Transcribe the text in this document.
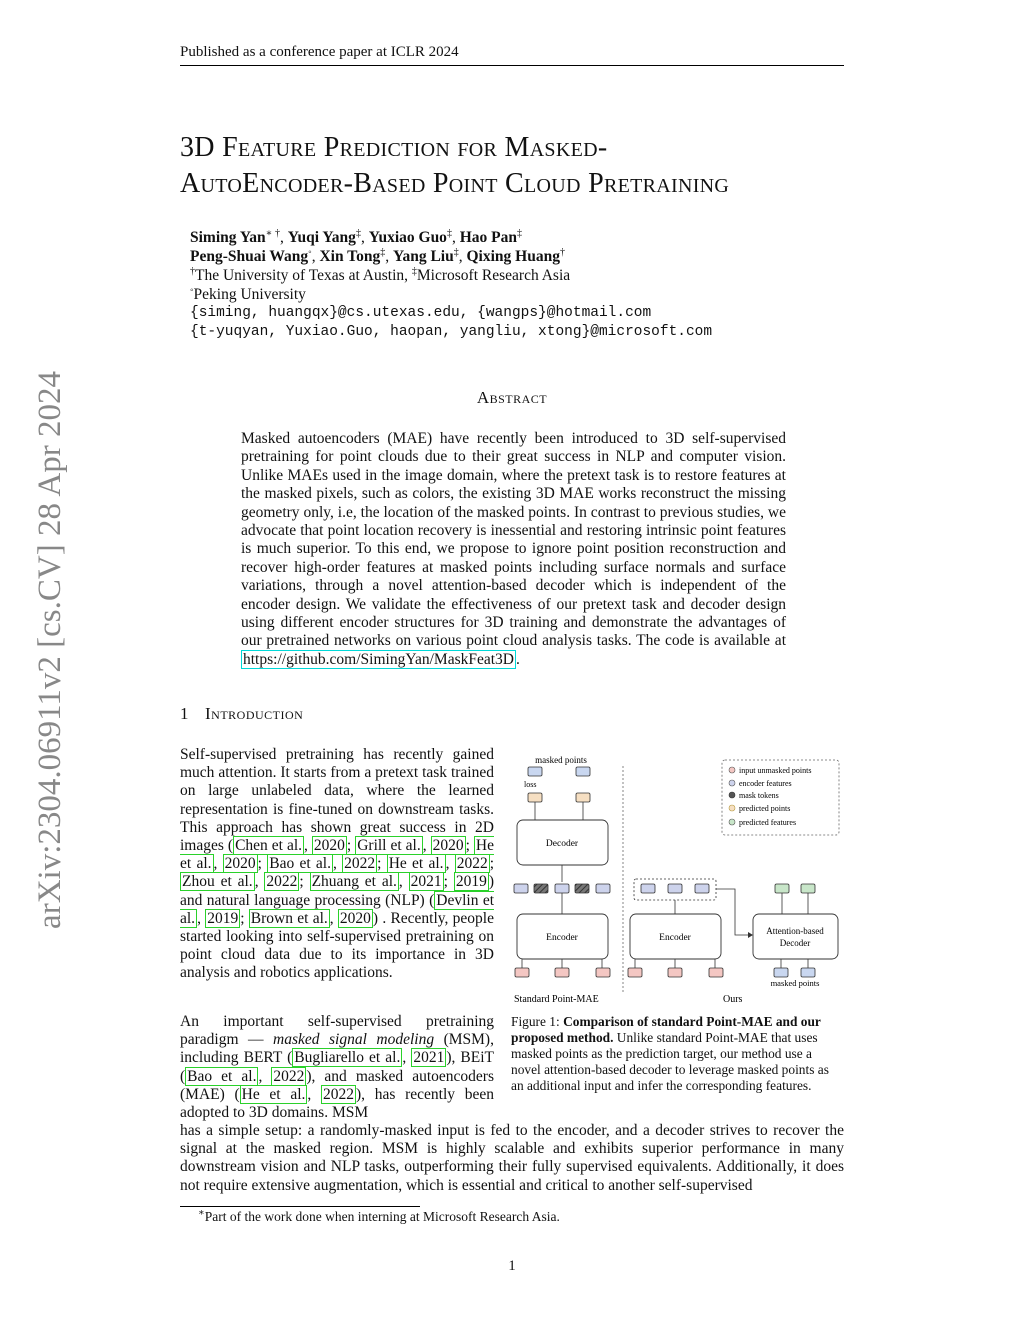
Published as a conference paper at ICLR 2024
3D Feature Prediction for Masked-
AutoEncoder-Based Point Cloud Pretraining
Siming Yan∗ †, Yuqi Yang‡, Yuxiao Guo‡, Hao Pan‡
Peng-Shuai Wang◦, Xin Tong‡, Yang Liu‡, Qixing Huang†
†The University of Texas at Austin, ‡Microsoft Research Asia
◦Peking University
{siming, huangqx}@cs.utexas.edu, {wangps}@hotmail.com
{t-yuqyan, Yuxiao.Guo, haopan, yangliu, xtong}@microsoft.com
arXiv:2304.06911v2 [cs.CV] 28 Apr 2024	Abstract
Masked autoencoders (MAE) have recently been introduced to 3D self-supervised pretraining for point clouds due to their great success in NLP and computer vision. Unlike MAEs used in the image domain, where the pretext task is to restore features at the masked pixels, such as colors, the existing 3D MAE works reconstruct the missing geometry only, i.e, the location of the masked points. In contrast to previous studies, we advocate that point location recovery is inessential and restoring intrinsic point features is much superior. To this end, we propose to ignore point position reconstruction and recover high-order features at masked points including surface normals and surface variations, through a novel attention-based decoder which is independent of the encoder design. We validate the effectiveness of our pretext task and decoder design using different encoder structures for 3D training and demonstrate the advantages of our pretrained networks on various point cloud analysis tasks. The code is available at https://github.com/SimingYan/MaskFeat3D .
1 Introduction
Self-supervised pretraining has recently gained much attention. It starts from a pretext task trained on large unlabeled data, where the learned representation is fine-tuned on downstream tasks. This approach has shown great success in 2D images ( Chen et al. , 2020 ; Grill et al. , 2020 ; He et al. , 2020 ; Bao et al. , 2022 ; He et al. , 2022 ; Zhou et al. , 2022 ; Zhuang et al. , 2021 ; 2019 ) and natural language processing (NLP) ( Devlin et al. , 2019 ; Brown et al. , 2020 ) . Recently, people started looking into self-supervised pretraining on point cloud data due to its importance in 3D analysis and robotics applications.
An important self-supervised pretraining paradigm — masked signal modeling (MSM), including BERT ( Bugliarello et al. , 2021 ), BEiT ( Bao et al. , 2022 ), and masked autoencoders (MAE) ( He et al. , 2022 ), has recently been adopted to 3D domains. MSM
has a simple setup: a randomly-masked input is fed to the encoder, and a decoder strives to recover the signal at the masked region. MSM is highly scalable and exhibits superior performance in many downstream vision and NLP tasks, outperforming their fully supervised equivalents. Additionally, it does not require extensive augmentation, which is essential and critical to another self-supervised
masked points
loss
Decoder
Encoder
Standard Point-MAE
Encoder
Attention-based
Decoder
masked points
Ours
input unmasked points
encoder features
mask tokens
predicted points
predicted features
Figure 1: Comparison of standard Point-MAE and our proposed method. Unlike standard Point-MAE that uses masked points as the prediction target, our method use a novel attention-based decoder to leverage masked points as an additional input and infer the corresponding features.
∗Part of the work done when interning at Microsoft Research Asia.
1
